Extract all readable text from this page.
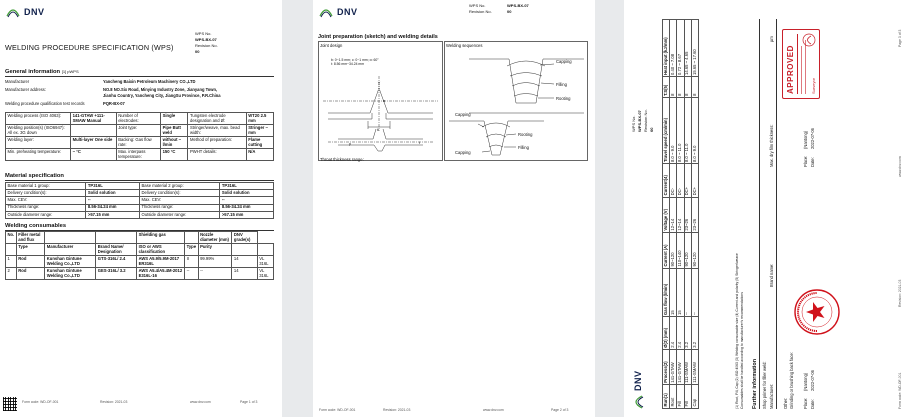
DNV
WPS No.
WPS-BX-07
Revision No.
00
WELDING PROCEDURE SPECIFICATION (WPS)
General information [1] pWPS
Manufacturer	Yancheng Baixin Petroleum Machinery CO.,LTD
Manufacturer address:	NO.8 NO.Six Road, Minying Industry Zone, Jianyang Town,
Jianhu Country, Yancheng City, JiangSu Province, P.R.China
Welding procedure qualification test records	PQR-BX-07
Welding process (ISO 4063):	141-GTAW +111-SMAW Manual	Number of electrodes:	Single	Tungsten electrode designation and Ø:	WT20 2.5 mm
Welding position(s) (ISO6947): All ex. 3G down		Joint type:	Pipe Butt weld	Stringer/weave, max. bead width:	Stringer ~ mm
Welding layer:	Multi-layer One side	Backing: Gas flow rate:	without ~ l/min	Method of preparation:	Flame cutting
Min. preheating temperature:	~ °C	Max. interpass temperature:	150 °C	PWHT details:	N/A
Material specification
Base material 1 group:	TP316L	Base material 2 group:	TP316L
Delivery condition(s):	Solid solution	Delivery condition(s):	Solid solution
Max. CEV:	--	Max. CEV:	--
Thickness range:	8.56-34.24 mm	Thickness range:	8.56-34.24 mm
Outside diameter range:	>57.15 mm	Outside diameter range:	>57.15 mm
Welding consumables
No.	Filler metal and flux			Shielding gas		Nozzle diameter (mm)	DNV grade(s)	
	Type	Manufacturer	Brand Name/ Designation	ISO or AWS classification	Type	Purity		
1	Rod	Kunshan Gintune Welding Co.,LTD	GTS-316L/ 2.4	AWS A5.9/5.9M-2017 ER316L	II	99.99%	14	VL 316L
2	Rod	Kunshan Gintune Welding Co.,LTD	GES-316L/ 3.2	AWS A5.4/A5.4M-2012 E316L-16	--	--	14	VL 316L
Form code: WD-OF-001	Revision: 2021-03	www.dnv.com	Page 1 of 3
DNV
WPS No.	WPS-BX-07
Revision No.	00
Joint preparation (sketch) and welding details
Joint design	Welding sequences
b: 0~1.5 mm; c: 0~1 mm; α: 60°
t: 8.56 mm~34.24 mm
p
α
b
t
Capping
Filling
Rooting
Capping
Rooting
Filling
Capping
Throat thickness range:
Form code: WD-OF-001	Revision: 2021-03	www.dnv.com	Page 2 of 3
DNV
WPS No. WPS-BX-07 Revision No. 00
Run(1)	Process(2)	Ø(3) (mm)	Gas flow (l/min)	Current (A)	Voltage (V)	Current(4)	Travel speed (cm/min)	T.S(5)	Heat input (kJ/mm)
Root	141-GTAW	2.4	15	90~120	12~14	DC-	8.0 ~ 9.0	8	0.40 ~ 7.08
Fill	141-GTAW	2.4	15	110~140	12~14	DC-	8.0 ~ 11.0	8	0.72 ~ 8.67
Fill	111-SMAW	3.2	--	90~120	23~26	DC+	8.0 ~ 11.0	8	14.65 ~ 4.65
Cap	111-SMAW	3.2	--	90~120	23~26	DC+	8.0 ~ 9.0	8	15.65 ~ 17.60
(1) Root, Fill, Cap (2) ISO 4063 (3) Welding consumable size (4) Current and polarity (5) Stringer/weave Consumables shall be handled according to manufacturer's recommendations Further information Shop primer for filler weld: Manufacturer:
Brand name:
Max. dry film thickness:
µm
Other: Grinding or brushing back face: Place:
(Nantong)
Date:
2022-07-06
Place:
(Nantong)
Date:
2022-07-06
APPROVED	Surveyor
Form code: WD-OF-001
Revision: 2021-03
www.dnv.com
Page 3 of 3
